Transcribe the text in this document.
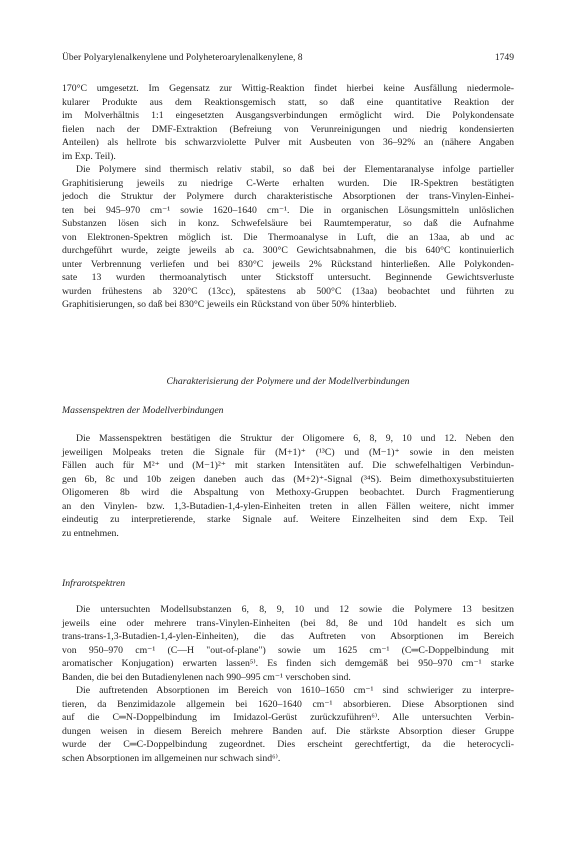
Über Polyarylenalkenylene und Polyheteroarylenalkenylene, 8	1749
170°C umgesetzt. Im Gegensatz zur Wittig-Reaktion findet hierbei keine Ausfällung niedermole-
kularer Produkte aus dem Reaktionsgemisch statt, so daß eine quantitative Reaktion der
im Molverhältnis 1:1 eingesetzten Ausgangsverbindungen ermöglicht wird. Die Polykondensate
fielen nach der DMF-Extraktion (Befreiung von Verunreinigungen und niedrig kondensierten
Anteilen) als hellrote bis schwarzviolette Pulver mit Ausbeuten von 36–92% an (nähere Angaben
im Exp. Teil).
Die Polymere sind thermisch relativ stabil, so daß bei der Elementaranalyse infolge partieller
Graphitisierung jeweils zu niedrige C-Werte erhalten wurden. Die IR-Spektren bestätigten
jedoch die Struktur der Polymere durch charakteristische Absorptionen der trans-Vinylen-Einhei-
ten bei 945–970 cm⁻¹ sowie 1620–1640 cm⁻¹. Die in organischen Lösungsmitteln unlöslichen
Substanzen lösen sich in konz. Schwefelsäure bei Raumtemperatur, so daß die Aufnahme
von Elektronen-Spektren möglich ist. Die Thermoanalyse in Luft, die an 13aa, ab und ac
durchgeführt wurde, zeigte jeweils ab ca. 300°C Gewichtsabnahmen, die bis 640°C kontinuierlich
unter Verbrennung verliefen und bei 830°C jeweils 2% Rückstand hinterließen. Alle Polykonden-
sate 13 wurden thermoanalytisch unter Stickstoff untersucht. Beginnende Gewichtsverluste
wurden frühestens ab 320°C (13cc), spätestens ab 500°C (13aa) beobachtet und führten zu
Graphitisierungen, so daß bei 830°C jeweils ein Rückstand von über 50% hinterblieb.
Charakterisierung der Polymere und der Modellverbindungen
Massenspektren der Modellverbindungen
Die Massenspektren bestätigen die Struktur der Oligomere 6, 8, 9, 10 und 12. Neben den
jeweiligen Molpeaks treten die Signale für (M+1)⁺ (¹³C) und (M−1)⁺ sowie in den meisten
Fällen auch für M²⁺ und (M−1)²⁺ mit starken Intensitäten auf. Die schwefelhaltigen Verbindun-
gen 6b, 8c und 10b zeigen daneben auch das (M+2)⁺-Signal (³⁴S). Beim dimethoxysubstituierten
Oligomeren 8b wird die Abspaltung von Methoxy-Gruppen beobachtet. Durch Fragmentierung
an den Vinylen- bzw. 1,3-Butadien-1,4-ylen-Einheiten treten in allen Fällen weitere, nicht immer
eindeutig zu interpretierende, starke Signale auf. Weitere Einzelheiten sind dem Exp. Teil
zu entnehmen.
Infrarotspektren
Die untersuchten Modellsubstanzen 6, 8, 9, 10 und 12 sowie die Polymere 13 besitzen
jeweils eine oder mehrere trans-Vinylen-Einheiten (bei 8d, 8e und 10d handelt es sich um
trans-trans-1,3-Butadien-1,4-ylen-Einheiten), die das Auftreten von Absorptionen im Bereich
von 950–970 cm⁻¹ (C—H "out-of-plane") sowie um 1625 cm⁻¹ (C═C-Doppelbindung mit
aromatischer Konjugation) erwarten lassen⁵⁾. Es finden sich demgemäß bei 950–970 cm⁻¹ starke
Banden, die bei den Butadienylenen nach 990–995 cm⁻¹ verschoben sind.
Die auftretenden Absorptionen im Bereich von 1610–1650 cm⁻¹ sind schwieriger zu interpre-
tieren, da Benzimidazole allgemein bei 1620–1640 cm⁻¹ absorbieren. Diese Absorptionen sind
auf die C═N-Doppelbindung im Imidazol-Gerüst zurückzuführen⁶⁾. Alle untersuchten Verbin-
dungen weisen in diesem Bereich mehrere Banden auf. Die stärkste Absorption dieser Gruppe
wurde der C═C-Doppelbindung zugeordnet. Dies erscheint gerechtfertigt, da die heterocycli-
schen Absorptionen im allgemeinen nur schwach sind⁶⁾.
